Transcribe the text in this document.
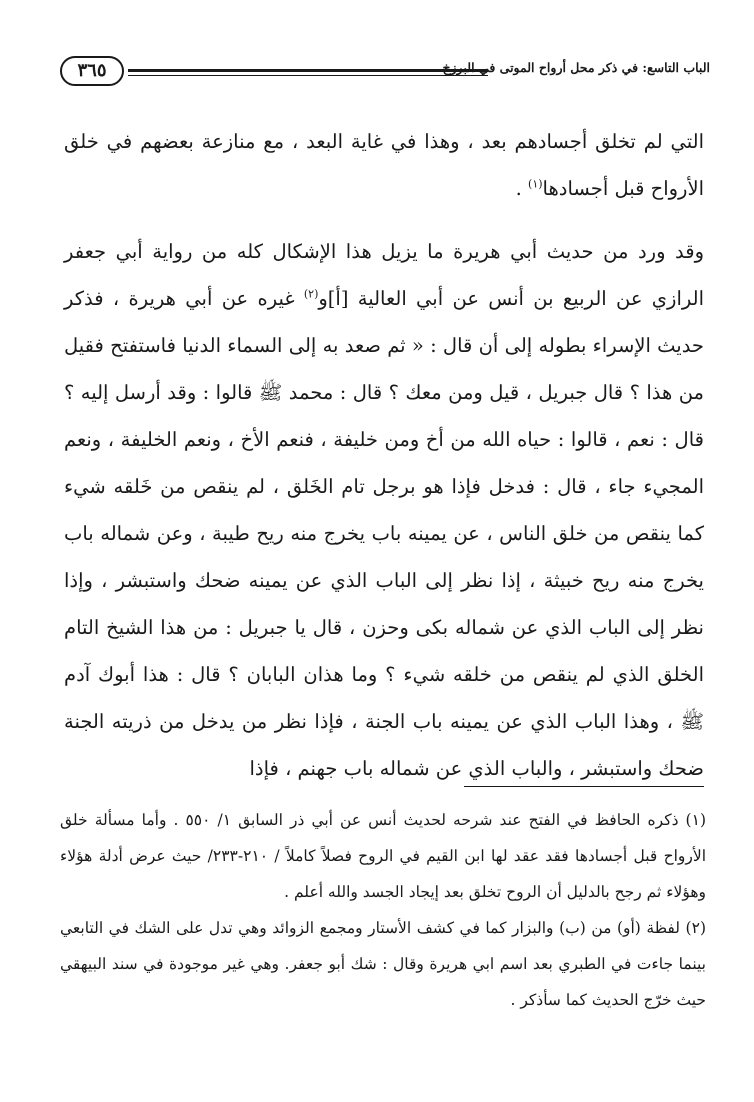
٣٦٥	الباب التاسع: في ذكر محل أرواح الموتى في البرزخ

التي لم تخلق أجسادهم بعد ، وهذا في غاية البعد ، مع منازعة بعضهم في خلق الأرواح قبل أجسادها$^{(١)}$ .

وقد ورد من حديث أبي هريرة ما يزيل هذا الإشكال كله من رواية أبي جعفر الرازي عن الربيع بن أنس عن أبي العالية [أ]و$^{(٢)}$ غيره عن أبي هريرة ، فذكر حديث الإسراء بطوله إلى أن قال : « ثم صعد به إلى السماء الدنيا فاستفتح فقيل من هذا ؟ قال جبريل ، قيل ومن معك ؟ قال : محمد ﷺ قالوا : وقد أرسل إليه ؟ قال : نعم ، قالوا : حياه الله من أخ ومن خليفة ، فنعم الأخ ، ونعم الخليفة ، ونعم المجيء جاء ، قال : فدخل فإذا هو برجل تام الخَلق ، لم ينقص من خَلقه شيء كما ينقص من خلق الناس ، عن يمينه باب يخرج منه ريح طيبة ، وعن شماله باب يخرج منه ريح خبيثة ، إذا نظر إلى الباب الذي عن يمينه ضحك واستبشر ، وإذا نظر إلى الباب الذي عن شماله بكى وحزن ، قال يا جبريل : من هذا الشيخ التام الخلق الذي لم ينقص من خلقه شيء ؟ وما هذان البابان ؟ قال : هذا أبوك آدم ﷺ ، وهذا الباب الذي عن يمينه باب الجنة ، فإذا نظر من يدخل من ذريته الجنة ضحك واستبشر ، والباب الذي عن شماله باب جهنم ، فإذا

(١) ذكره الحافظ في الفتح عند شرحه لحديث أنس عن أبي ذر السابق ١/ ٥٥٠ . وأما مسألة خلق الأرواح قبل أجسادها فقد عقد لها ابن القيم في الروح فصلاً كاملاً / ٢١٠-٢٣٣/ حيث عرض أدلة هؤلاء وهؤلاء ثم رجح بالدليل أن الروح تخلق بعد إيجاد الجسد والله أعلم .

(٢) لفظة (أو) من (ب) والبزار كما في كشف الأستار ومجمع الزوائد وهي تدل على الشك في التابعي بينما جاءت في الطبري بعد اسم ابي هريرة وقال : شك أبو جعفر. وهي غير موجودة في سند البيهقي حيث خرّج الحديث كما سأذكر .
